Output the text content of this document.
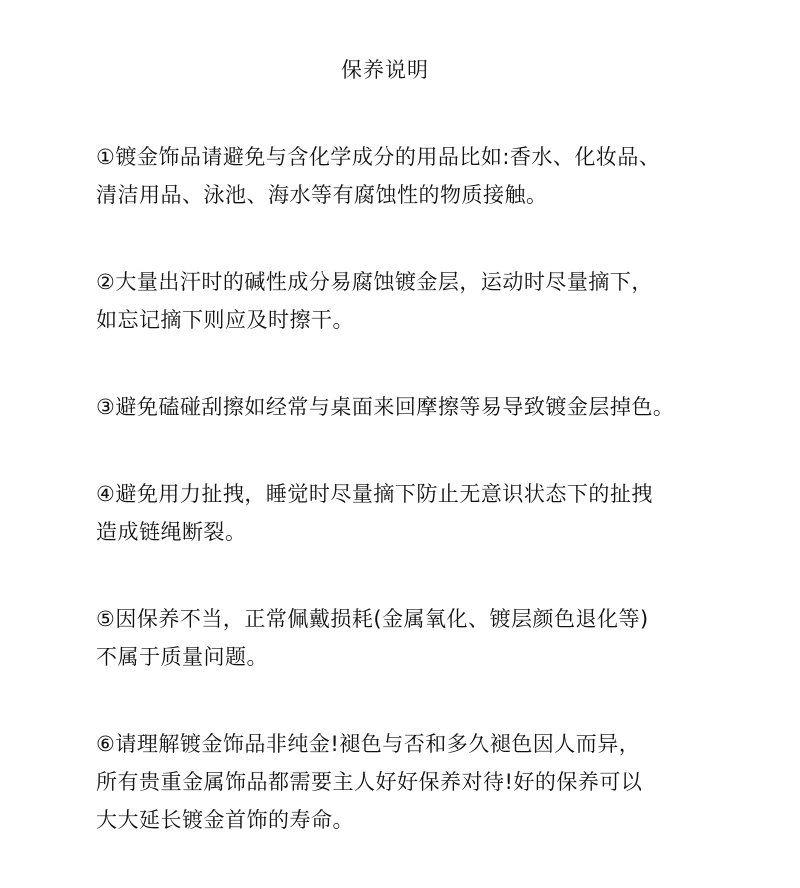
保养说明
①镀金饰品请避免与含化学成分的用品比如:香水、化妆品、
清洁用品、泳池、海水等有腐蚀性的物质接触。
②大量出汗时的碱性成分易腐蚀镀金层，运动时尽量摘下，
如忘记摘下则应及时擦干。
③避免磕碰刮擦如经常与桌面来回摩擦等易导致镀金层掉色。
④避免用力扯拽，睡觉时尽量摘下防止无意识状态下的扯拽
造成链绳断裂。
⑤因保养不当，正常佩戴损耗(金属氧化、镀层颜色退化等)
不属于质量问题。
⑥请理解镀金饰品非纯金!褪色与否和多久褪色因人而异，
所有贵重金属饰品都需要主人好好保养对待!好的保养可以
大大延长镀金首饰的寿命。
